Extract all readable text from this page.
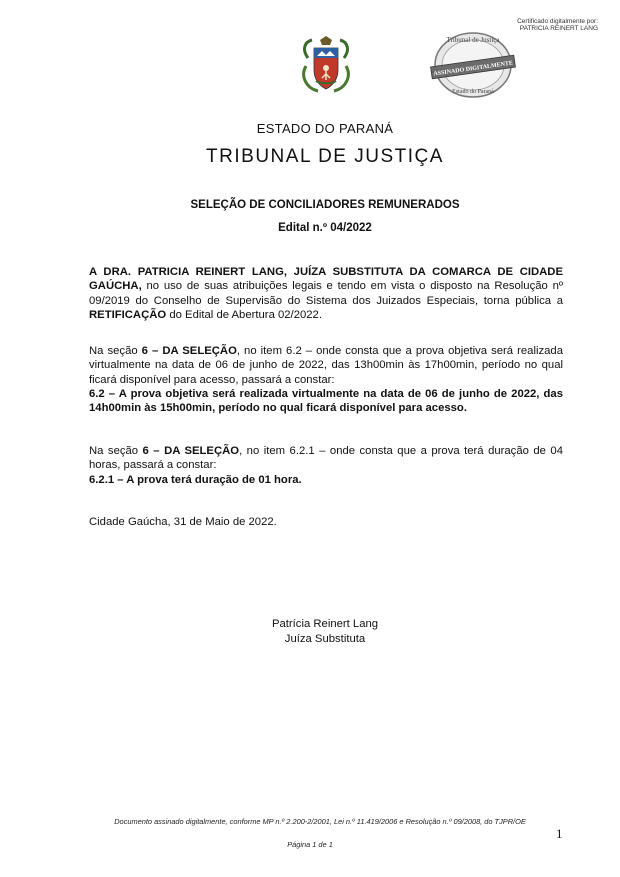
Certificado digitalmente por:
PATRICIA REINERT LANG
Tribunal de Justiça
ASSINADO DIGITALMENTE
Estado do Paraná
ESTADO DO PARANÁ
TRIBUNAL DE JUSTIÇA
SELEÇÃO DE CONCILIADORES REMUNERADOS
Edital n.º 04/2022
A DRA. PATRICIA REINERT LANG, JUÍZA SUBSTITUTA DA COMARCA DE CIDADE GAÚCHA, no uso de suas atribuições legais e tendo em vista o disposto na Resolução nº 09/2019 do Conselho de Supervisão do Sistema dos Juizados Especiais, torna pública a RETIFICAÇÃO do Edital de Abertura 02/2022.
Na seção 6 – DA SELEÇÃO, no item 6.2 – onde consta que a prova objetiva será realizada virtualmente na data de 06 de junho de 2022, das 13h00min às 17h00min, período no qual ficará disponível para acesso, passará a constar:
6.2 – A prova objetiva será realizada virtualmente na data de 06 de junho de 2022, das 14h00min às 15h00min, período no qual ficará disponível para acesso.
Na seção 6 – DA SELEÇÃO, no item 6.2.1 – onde consta que a prova terá duração de 04 horas, passará a constar:
6.2.1 – A prova terá duração de 01 hora.
Cidade Gaúcha, 31 de Maio de 2022.
Patrícia Reinert Lang
Juíza Substituta
Documento assinado digitalmente, conforme MP n.º 2.200-2/2001, Lei n.º 11.419/2006 e Resolução n.º 09/2008, do TJPR/OE
1
Página 1 de 1
